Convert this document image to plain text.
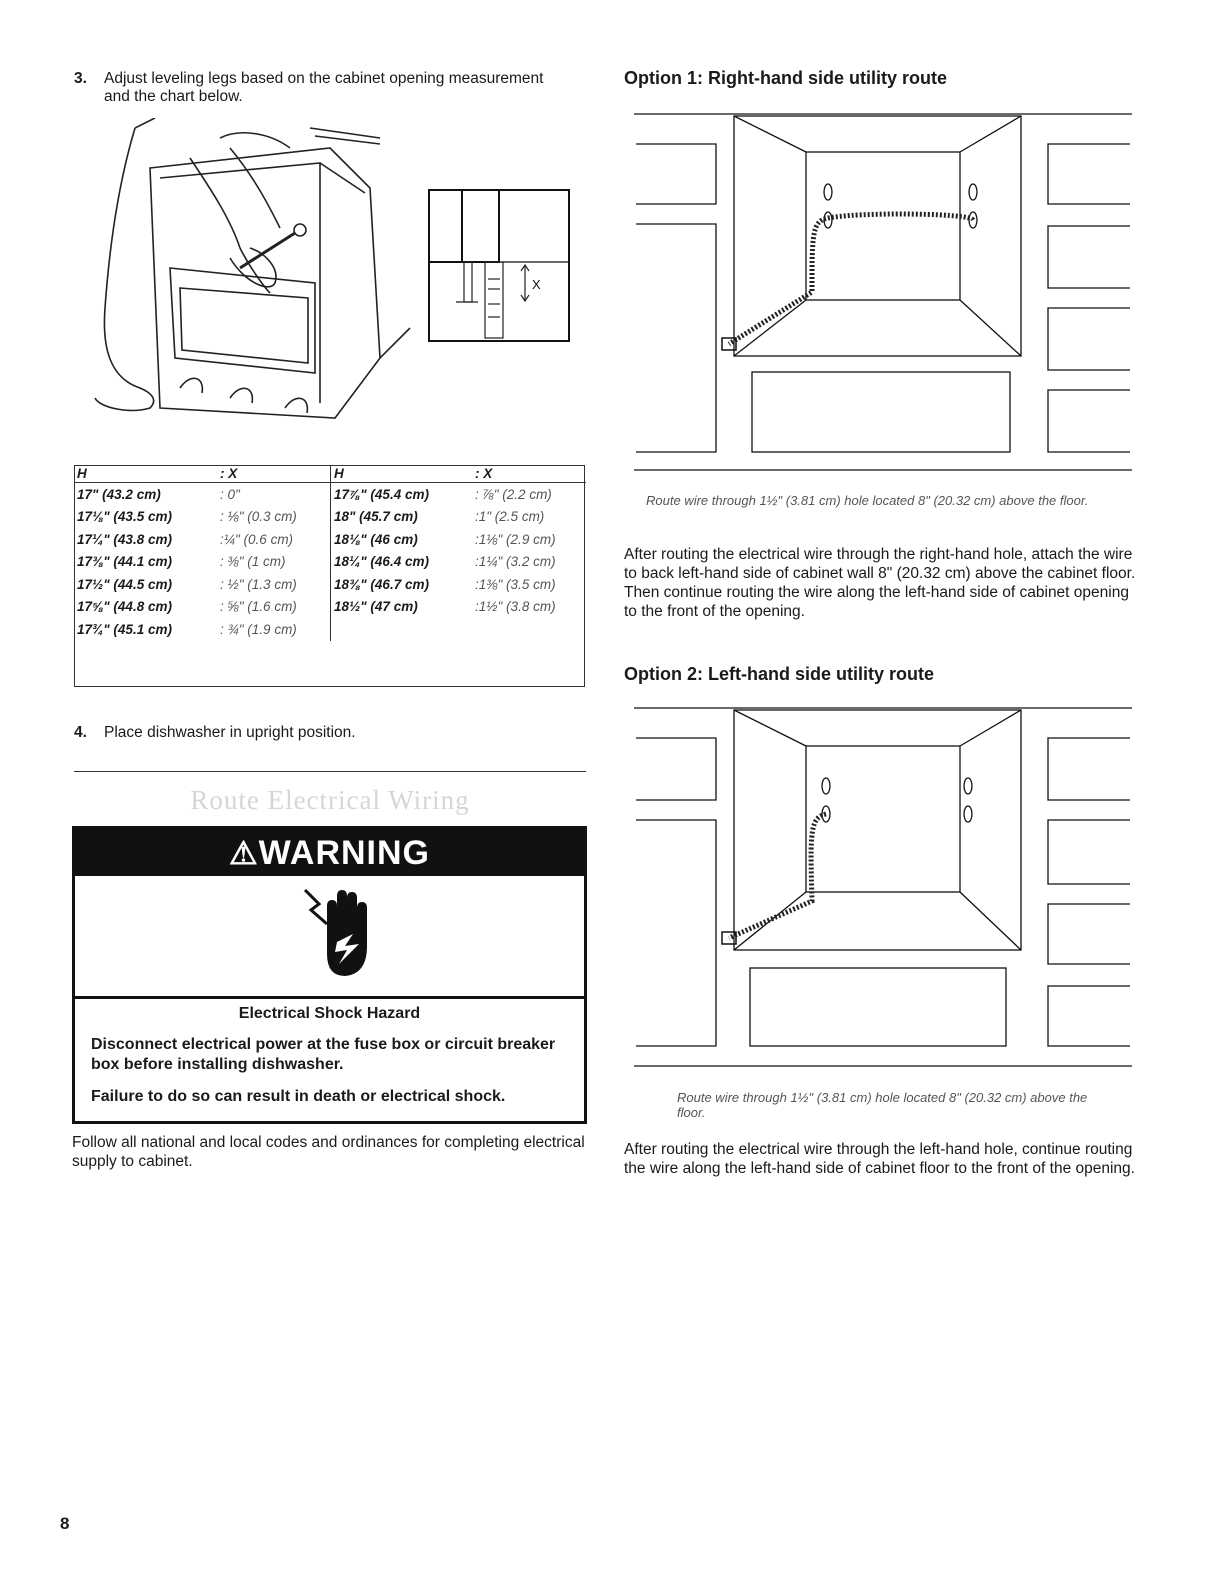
3. Adjust leveling legs based on the cabinet opening measurement and the chart below.
X
H	: X	H	: X
17" (43.2 cm)	: 0"	17⅞" (45.4 cm)	: ⅞" (2.2 cm)
17⅛" (43.5 cm)	: ⅛" (0.3 cm)	18" (45.7 cm)	:1" (2.5 cm)
17¼" (43.8 cm)	:¼" (0.6 cm)	18⅛" (46 cm)	:1⅛" (2.9 cm)
17⅜" (44.1 cm)	: ⅜" (1 cm)	18¼" (46.4 cm)	:1¼" (3.2 cm)
17½" (44.5 cm)	: ½" (1.3 cm)	18⅜" (46.7 cm)	:1⅜" (3.5 cm)
17⅝" (44.8 cm)	: ⅝" (1.6 cm)	18½" (47 cm)	:1½" (3.8 cm)
17¾" (45.1 cm)	: ¾" (1.9 cm)		
4. Place dishwasher in upright position.
Route Electrical Wiring
⚠WARNING
Electrical Shock Hazard
Disconnect electrical power at the fuse box or circuit breaker box before installing dishwasher.
Failure to do so can result in death or electrical shock.
Follow all national and local codes and ordinances for completing electrical supply to cabinet.
Option 1: Right-hand side utility route
Route wire through 1½" (3.81 cm) hole located 8" (20.32 cm) above the floor.
After routing the electrical wire through the right-hand hole, attach the wire to back left-hand side of cabinet wall 8" (20.32 cm) above the cabinet floor. Then continue routing the wire along the left-hand side of cabinet opening to the front of the opening.
Option 2: Left-hand side utility route
Route wire through 1½" (3.81 cm) hole located 8" (20.32 cm) above the floor.
After routing the electrical wire through the left-hand hole, continue routing the wire along the left-hand side of cabinet floor to the front of the opening.
8
